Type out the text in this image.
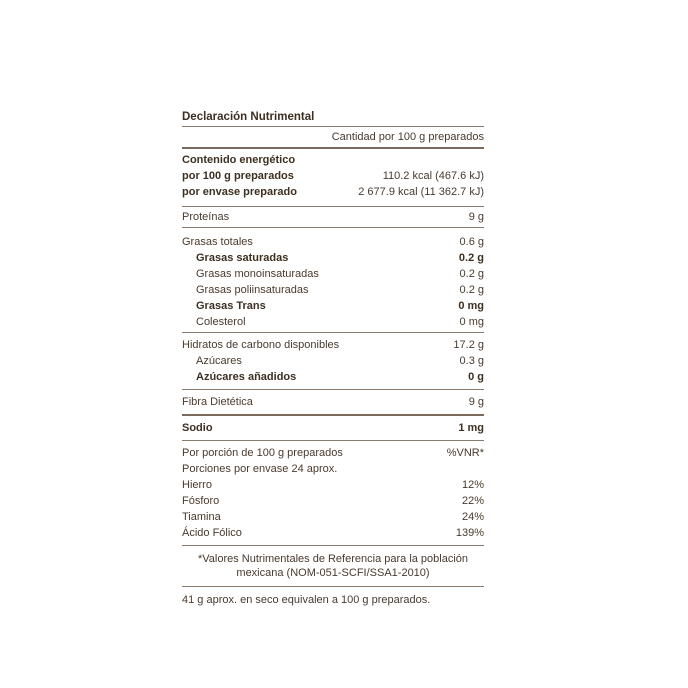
Declaración Nutrimental
Cantidad por 100 g preparados
Contenido energético
por 100 g preparados	110.2 kcal (467.6 kJ)
por envase preparado	2 677.9 kcal (11 362.7 kJ)
Proteínas	9 g
Grasas totales	0.6 g
Grasas saturadas	0.2 g
Grasas monoinsaturadas	0.2 g
Grasas poliinsaturadas	0.2 g
Grasas Trans	0 mg
Colesterol	0 mg
Hidratos de carbono disponibles	17.2 g
Azúcares	0.3 g
Azúcares añadidos	0 g
Fibra Dietética	9 g
Sodio	1 mg
Por porción de 100 g preparados	%VNR*
Porciones por envase 24 aprox.
Hierro	12%
Fósforo	22%
Tiamina	24%
Ácido Fólico	139%
*Valores Nutrimentales de Referencia para la población
mexicana (NOM-051-SCFI/SSA1-2010)
41 g aprox. en seco equivalen a 100 g preparados.
